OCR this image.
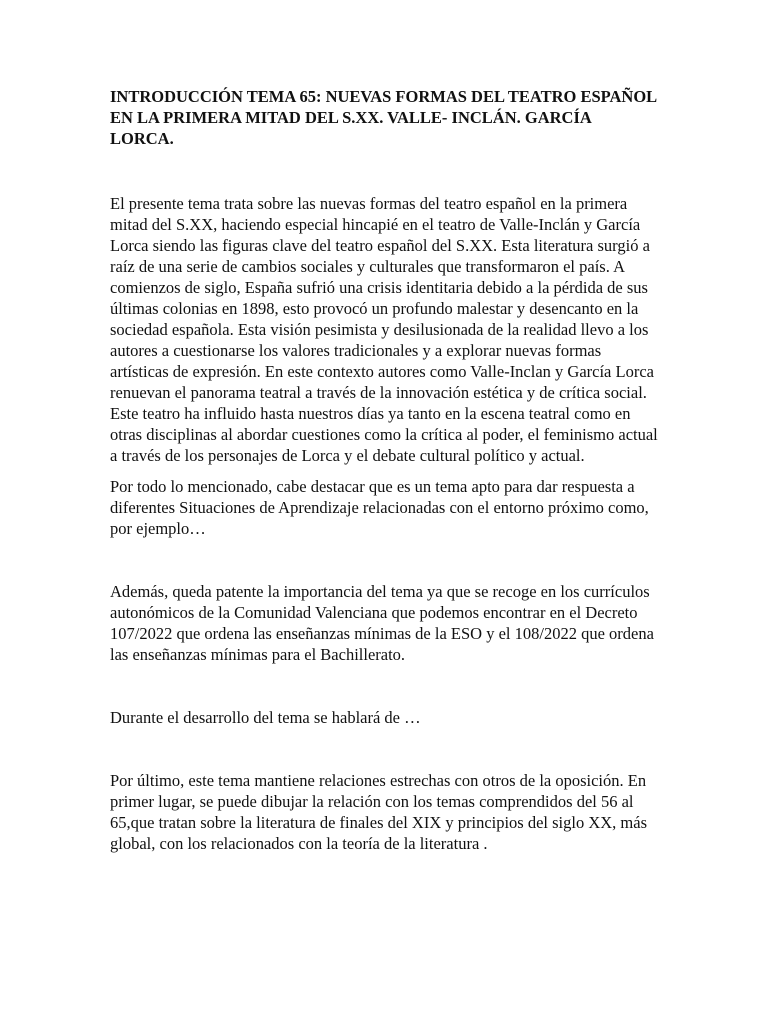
INTRODUCCIÓN TEMA 65: NUEVAS FORMAS DEL TEATRO ESPAÑOL EN LA PRIMERA MITAD DEL S.XX. VALLE- INCLÁN. GARCÍA LORCA.

El presente tema trata sobre las nuevas formas del teatro español en la primera mitad del S.XX, haciendo especial hincapié en el teatro de Valle-Inclán y García Lorca siendo las figuras clave del teatro español del S.XX. Esta literatura surgió a raíz de una serie de cambios sociales y culturales que transformaron el país. A comienzos de siglo, España sufrió una crisis identitaria debido a la pérdida de sus últimas colonias en 1898, esto provocó un profundo malestar y desencanto en la sociedad española. Esta visión pesimista y desilusionada de la realidad llevo a los autores a cuestionarse los valores tradicionales y a explorar nuevas formas artísticas de expresión. En este contexto autores como Valle-Inclan y García Lorca renuevan el panorama teatral a través de la innovación estética y de crítica social. Este teatro ha influido hasta nuestros días ya tanto en la escena teatral como en otras disciplinas al abordar cuestiones como la crítica al poder, el feminismo actual a través de los personajes de Lorca y el debate cultural político y actual.

Por todo lo mencionado, cabe destacar que es un tema apto para dar respuesta a diferentes Situaciones de Aprendizaje relacionadas con el entorno próximo como, por ejemplo…

Además, queda patente la importancia del tema ya que se recoge en los currículos autonómicos de la Comunidad Valenciana que podemos encontrar en el Decreto 107/2022 que ordena las enseñanzas mínimas de la ESO y el 108/2022 que ordena las enseñanzas mínimas para el Bachillerato.

Durante el desarrollo del tema se hablará de …

Por último, este tema mantiene relaciones estrechas con otros de la oposición. En primer lugar, se puede dibujar la relación con los temas comprendidos del 56 al 65,que tratan sobre la literatura de finales del XIX y principios del siglo XX, más global, con los relacionados con la teoría de la literatura .
